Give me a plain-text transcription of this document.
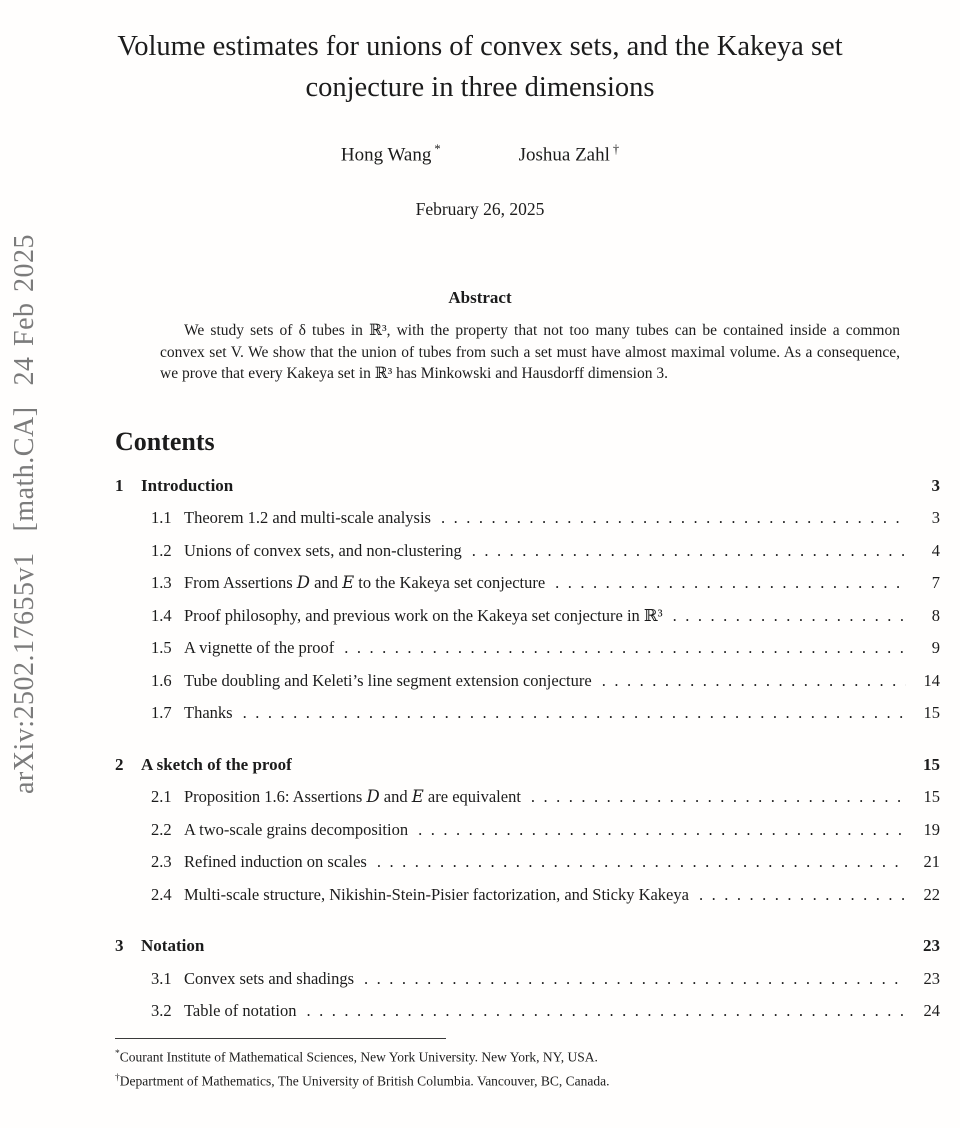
arXiv:2502.17655v1  [math.CA]  24 Feb 2025
Volume estimates for unions of convex sets, and the Kakeya set conjecture in three dimensions
Hong Wang *	Joshua Zahl †
February 26, 2025
Abstract
We study sets of δ tubes in ℝ³, with the property that not too many tubes can be contained inside a common convex set V. We show that the union of tubes from such a set must have almost maximal volume. As a consequence, we prove that every Kakeya set in ℝ³ has Minkowski and Hausdorff dimension 3.
Contents
1	Introduction	3
1.1 Theorem 1.2 and multi-scale analysis .....	3
1.2 Unions of convex sets, and non-clustering .....	4
1.3 From Assertions D and E to the Kakeya set conjecture .....	7
1.4 Proof philosophy, and previous work on the Kakeya set conjecture in ℝ³ .....	8
1.5 A vignette of the proof .....	9
1.6 Tube doubling and Keleti’s line segment extension conjecture .....	14
1.7 Thanks .....	15
2	A sketch of the proof	15
2.1 Proposition 1.6: Assertions D and E are equivalent .....	15
2.2 A two-scale grains decomposition .....	19
2.3 Refined induction on scales .....	21
2.4 Multi-scale structure, Nikishin-Stein-Pisier factorization, and Sticky Kakeya .....	22
3	Notation	23
3.1 Convex sets and shadings .....	23
3.2 Table of notation .....	24
*Courant Institute of Mathematical Sciences, New York University. New York, NY, USA.
†Department of Mathematics, The University of British Columbia. Vancouver, BC, Canada.
